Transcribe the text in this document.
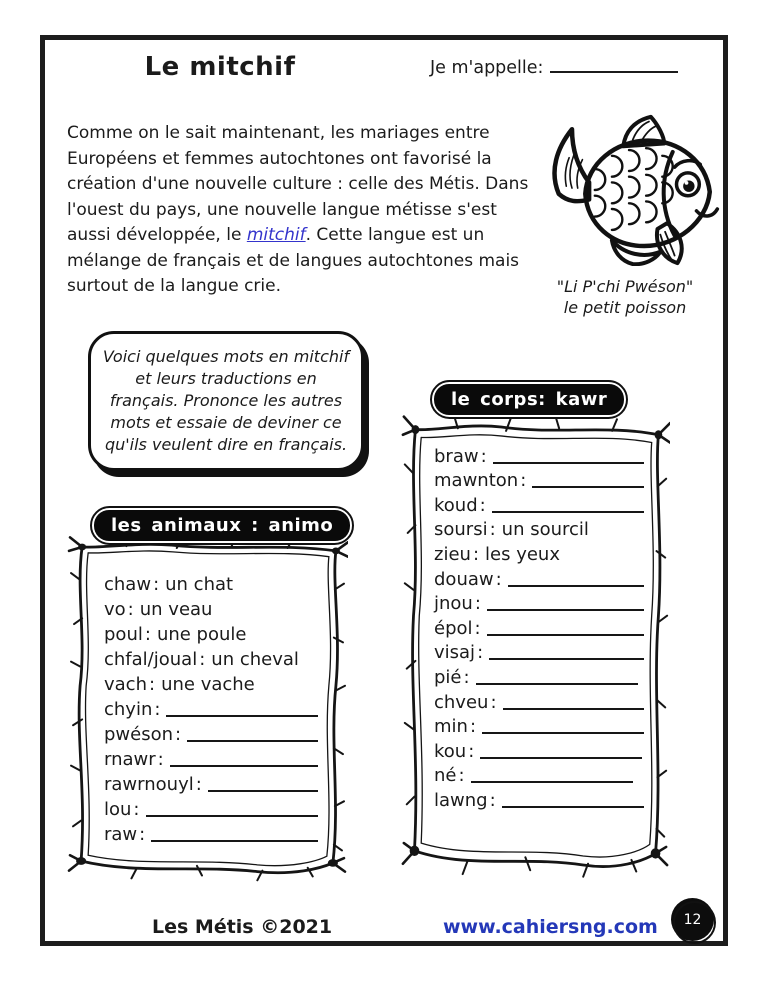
Le mitchif	Je m'appelle:
Comme on le sait maintenant, les mariages entre Européens et femmes autochtones ont favorisé la création d'une nouvelle culture : celle des Métis. Dans l'ouest du pays, une nouvelle langue métisse s'est aussi développée, le mitchif. Cette langue est un mélange de français et de langues autochtones mais surtout de la langue crie.	"Li P'chi Pwéson"
le petit poisson
Voici quelques mots en mitchif et leurs traductions en français. Prononce les autres mots et essaie de deviner ce qu'ils veulent dire en français.
les animaux : animo
chaw : un chat
vo : un veau
poul : une poule
chfal/joual : un cheval
vach : une vache
chyin :
pwéson :
rnawr :
rawrnouyl :
lou :
raw :
le corps: kawr
braw :
mawnton :
koud :
soursi : un sourcil
zieu : les yeux
douaw :
jnou :
épol :
visaj :
pié :
chveu :
min :
kou :
né :
lawng :
Les Métis ©2021	www.cahiersng.com 12
